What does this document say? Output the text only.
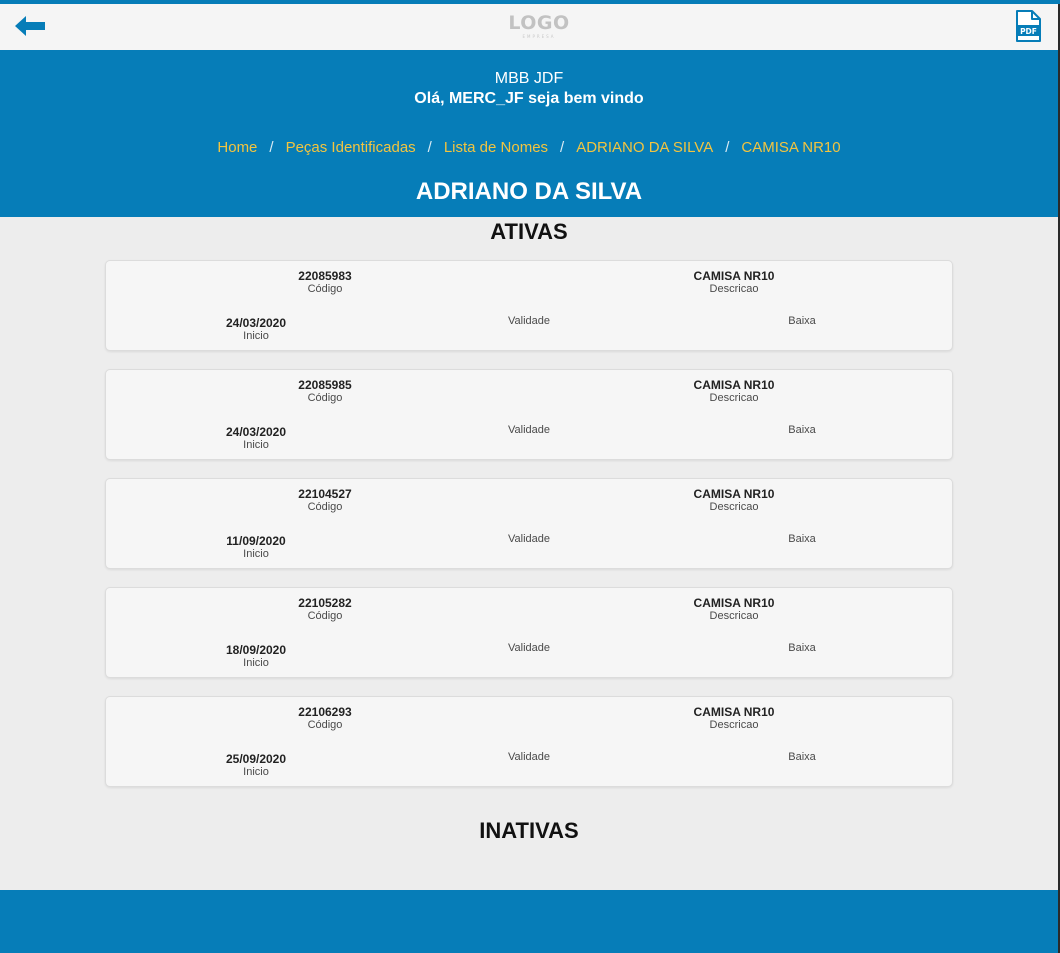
LOGO
EMPRESA
PDF
MBB JDF
Olá, MERC_JF seja bem vindo
Home / Peças Identificadas / Lista de Nomes / ADRIANO DA SILVA / CAMISA NR10
ADRIANO DA SILVA
ATIVAS
22085983
Código
CAMISA NR10
Descricao
24/03/2020
Inicio
Validade	Baixa
22085985
Código
CAMISA NR10
Descricao
24/03/2020
Inicio
Validade	Baixa
22104527
Código
CAMISA NR10
Descricao
11/09/2020
Inicio
Validade	Baixa
22105282
Código
CAMISA NR10
Descricao
18/09/2020
Inicio
Validade	Baixa
22106293
Código
CAMISA NR10
Descricao
25/09/2020
Inicio
Validade	Baixa
INATIVAS
